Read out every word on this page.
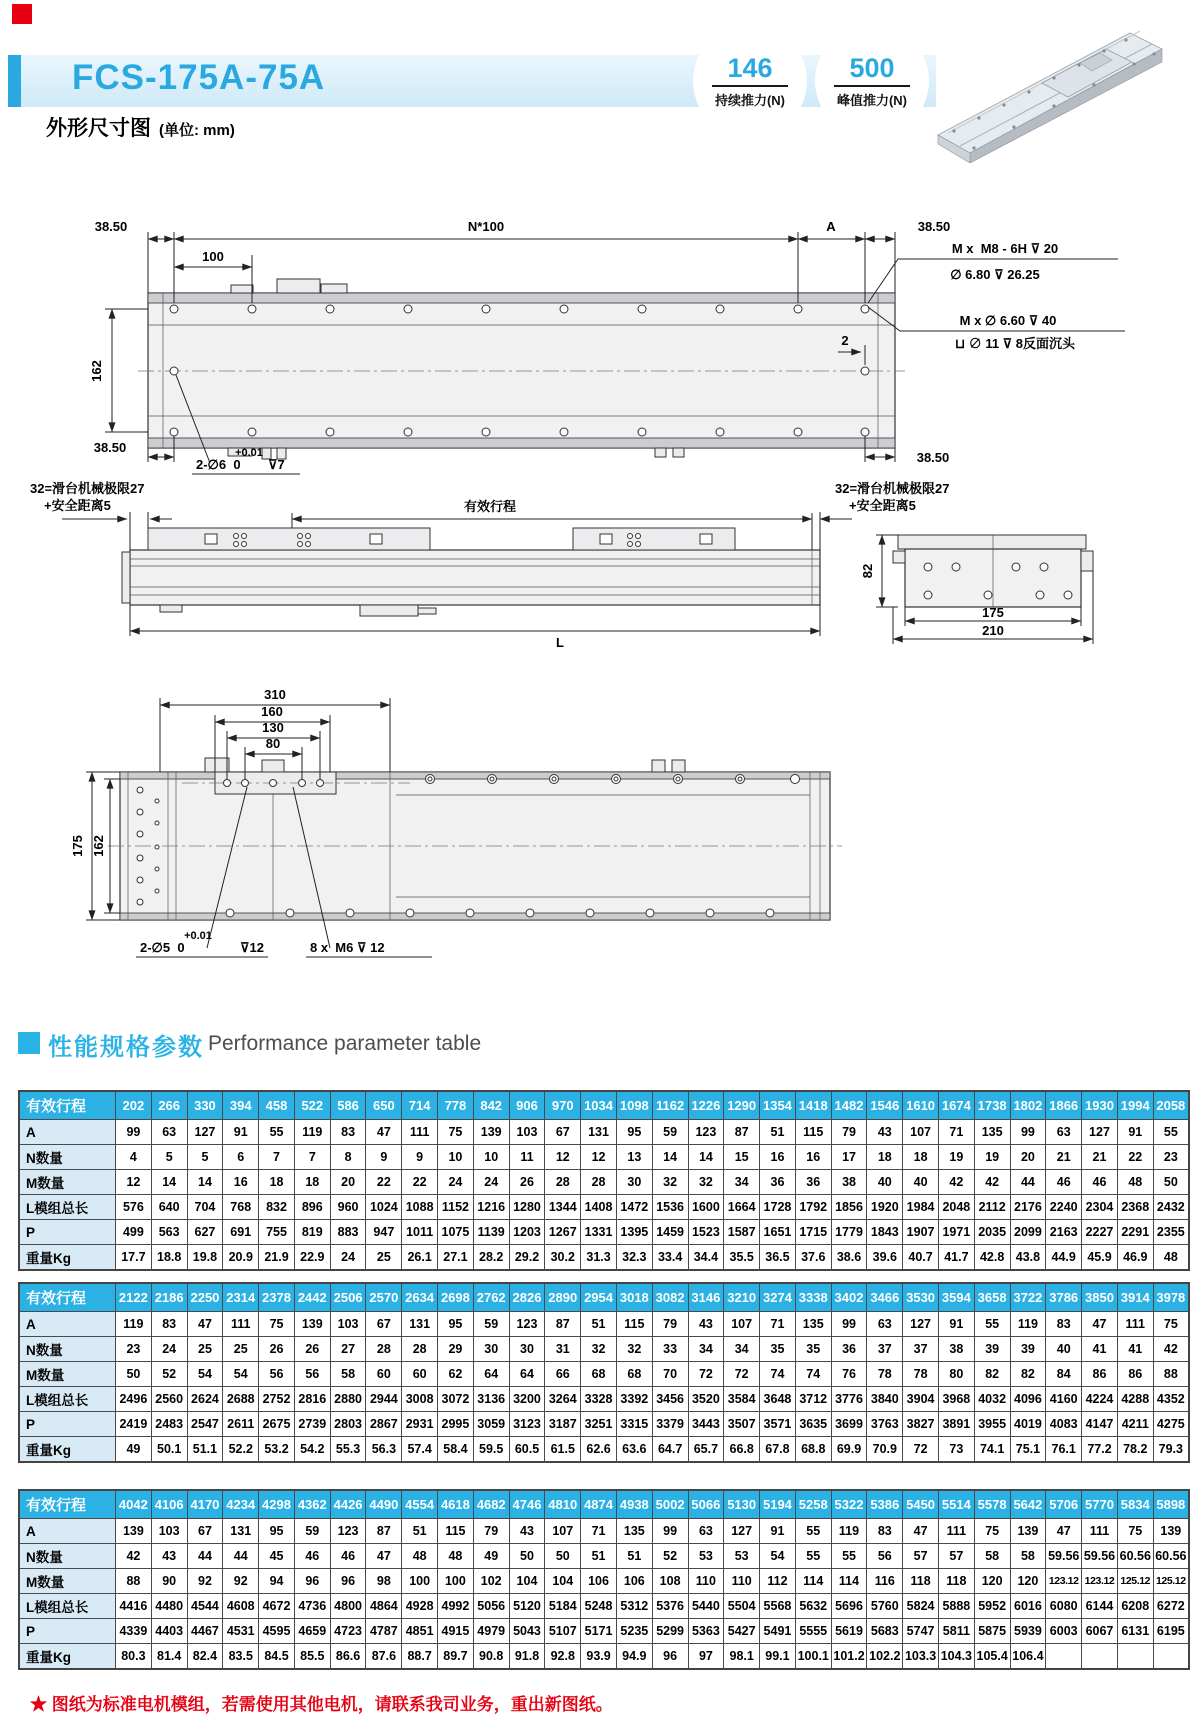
FCS-175A-75A	146
持续推力(N)
500
峰值推力(N)
外形尺寸图 (单位: mm)
38.50	N*100	A	38.50
100
162
38.50	+0.01
2-∅6  0 ⊽7
M x  M8 - 6H ⊽ 20
∅ 6.80 ⊽ 26.25
M x ∅ 6.60 ⊽ 40
⊔ ∅ 11 ⊽ 8反面沉头
2
38.50
32=滑台机械极限27
+安全距离5	有效行程
32=滑台机械极限27
+安全距离5
L
82
175
210
310
160
130
80
175 162
+0.01
2-∅5  0	⊽12	8 x  M6 ⊽ 12
性能规格参数 Performance parameter table
有效行程	202	266	330	394	458	522	586	650	714	778	842	906	970	1034	1098	1162	1226	1290	1354	1418	1482	1546	1610	1674	1738	1802	1866	1930	1994	2058
A	99	63	127	91	55	119	83	47	111	75	139	103	67	131	95	59	123	87	51	115	79	43	107	71	135	99	63	127	91	55
N数量	4	5	5	6	7	7	8	9	9	10	10	11	12	12	13	14	14	15	16	16	17	18	18	19	19	20	21	21	22	23
M数量	12	14	14	16	18	18	20	22	22	24	24	26	28	28	30	32	32	34	36	36	38	40	40	42	42	44	46	46	48	50
L模组总长	576	640	704	768	832	896	960	1024	1088	1152	1216	1280	1344	1408	1472	1536	1600	1664	1728	1792	1856	1920	1984	2048	2112	2176	2240	2304	2368	2432
P	499	563	627	691	755	819	883	947	1011	1075	1139	1203	1267	1331	1395	1459	1523	1587	1651	1715	1779	1843	1907	1971	2035	2099	2163	2227	2291	2355
重量Kg	17.7	18.8	19.8	20.9	21.9	22.9	24	25	26.1	27.1	28.2	29.2	30.2	31.3	32.3	33.4	34.4	35.5	36.5	37.6	38.6	39.6	40.7	41.7	42.8	43.8	44.9	45.9	46.9	48
有效行程	2122	2186	2250	2314	2378	2442	2506	2570	2634	2698	2762	2826	2890	2954	3018	3082	3146	3210	3274	3338	3402	3466	3530	3594	3658	3722	3786	3850	3914	3978
A	119	83	47	111	75	139	103	67	131	95	59	123	87	51	115	79	43	107	71	135	99	63	127	91	55	119	83	47	111	75
N数量	23	24	25	25	26	26	27	28	28	29	30	30	31	32	32	33	34	34	35	35	36	37	37	38	39	39	40	41	41	42
M数量	50	52	54	54	56	56	58	60	60	62	64	64	66	68	68	70	72	72	74	74	76	78	78	80	82	82	84	86	86	88
L模组总长	2496	2560	2624	2688	2752	2816	2880	2944	3008	3072	3136	3200	3264	3328	3392	3456	3520	3584	3648	3712	3776	3840	3904	3968	4032	4096	4160	4224	4288	4352
P	2419	2483	2547	2611	2675	2739	2803	2867	2931	2995	3059	3123	3187	3251	3315	3379	3443	3507	3571	3635	3699	3763	3827	3891	3955	4019	4083	4147	4211	4275
重量Kg	49	50.1	51.1	52.2	53.2	54.2	55.3	56.3	57.4	58.4	59.5	60.5	61.5	62.6	63.6	64.7	65.7	66.8	67.8	68.8	69.9	70.9	72	73	74.1	75.1	76.1	77.2	78.2	79.3
有效行程	4042	4106	4170	4234	4298	4362	4426	4490	4554	4618	4682	4746	4810	4874	4938	5002	5066	5130	5194	5258	5322	5386	5450	5514	5578	5642	5706	5770	5834	5898
A	139	103	67	131	95	59	123	87	51	115	79	43	107	71	135	99	63	127	91	55	119	83	47	111	75	139	47	111	75	139
N数量	42	43	44	44	45	46	46	47	48	48	49	50	50	51	51	52	53	53	54	55	55	56	57	57	58	58	59.56	59.56	60.56	60.56
M数量	88	90	92	92	94	96	96	98	100	100	102	104	104	106	106	108	110	110	112	114	114	116	118	118	120	120	123.12	123.12	125.12	125.12
L模组总长	4416	4480	4544	4608	4672	4736	4800	4864	4928	4992	5056	5120	5184	5248	5312	5376	5440	5504	5568	5632	5696	5760	5824	5888	5952	6016	6080	6144	6208	6272
P	4339	4403	4467	4531	4595	4659	4723	4787	4851	4915	4979	5043	5107	5171	5235	5299	5363	5427	5491	5555	5619	5683	5747	5811	5875	5939	6003	6067	6131	6195
重量Kg	80.3	81.4	82.4	83.5	84.5	85.5	86.6	87.6	88.7	89.7	90.8	91.8	92.8	93.9	94.9	96	97	98.1	99.1	100.1	101.2	102.2	103.3	104.3	105.4	106.4				
★ 图纸为标准电机模组，若需使用其他电机，请联系我司业务，重出新图纸。
